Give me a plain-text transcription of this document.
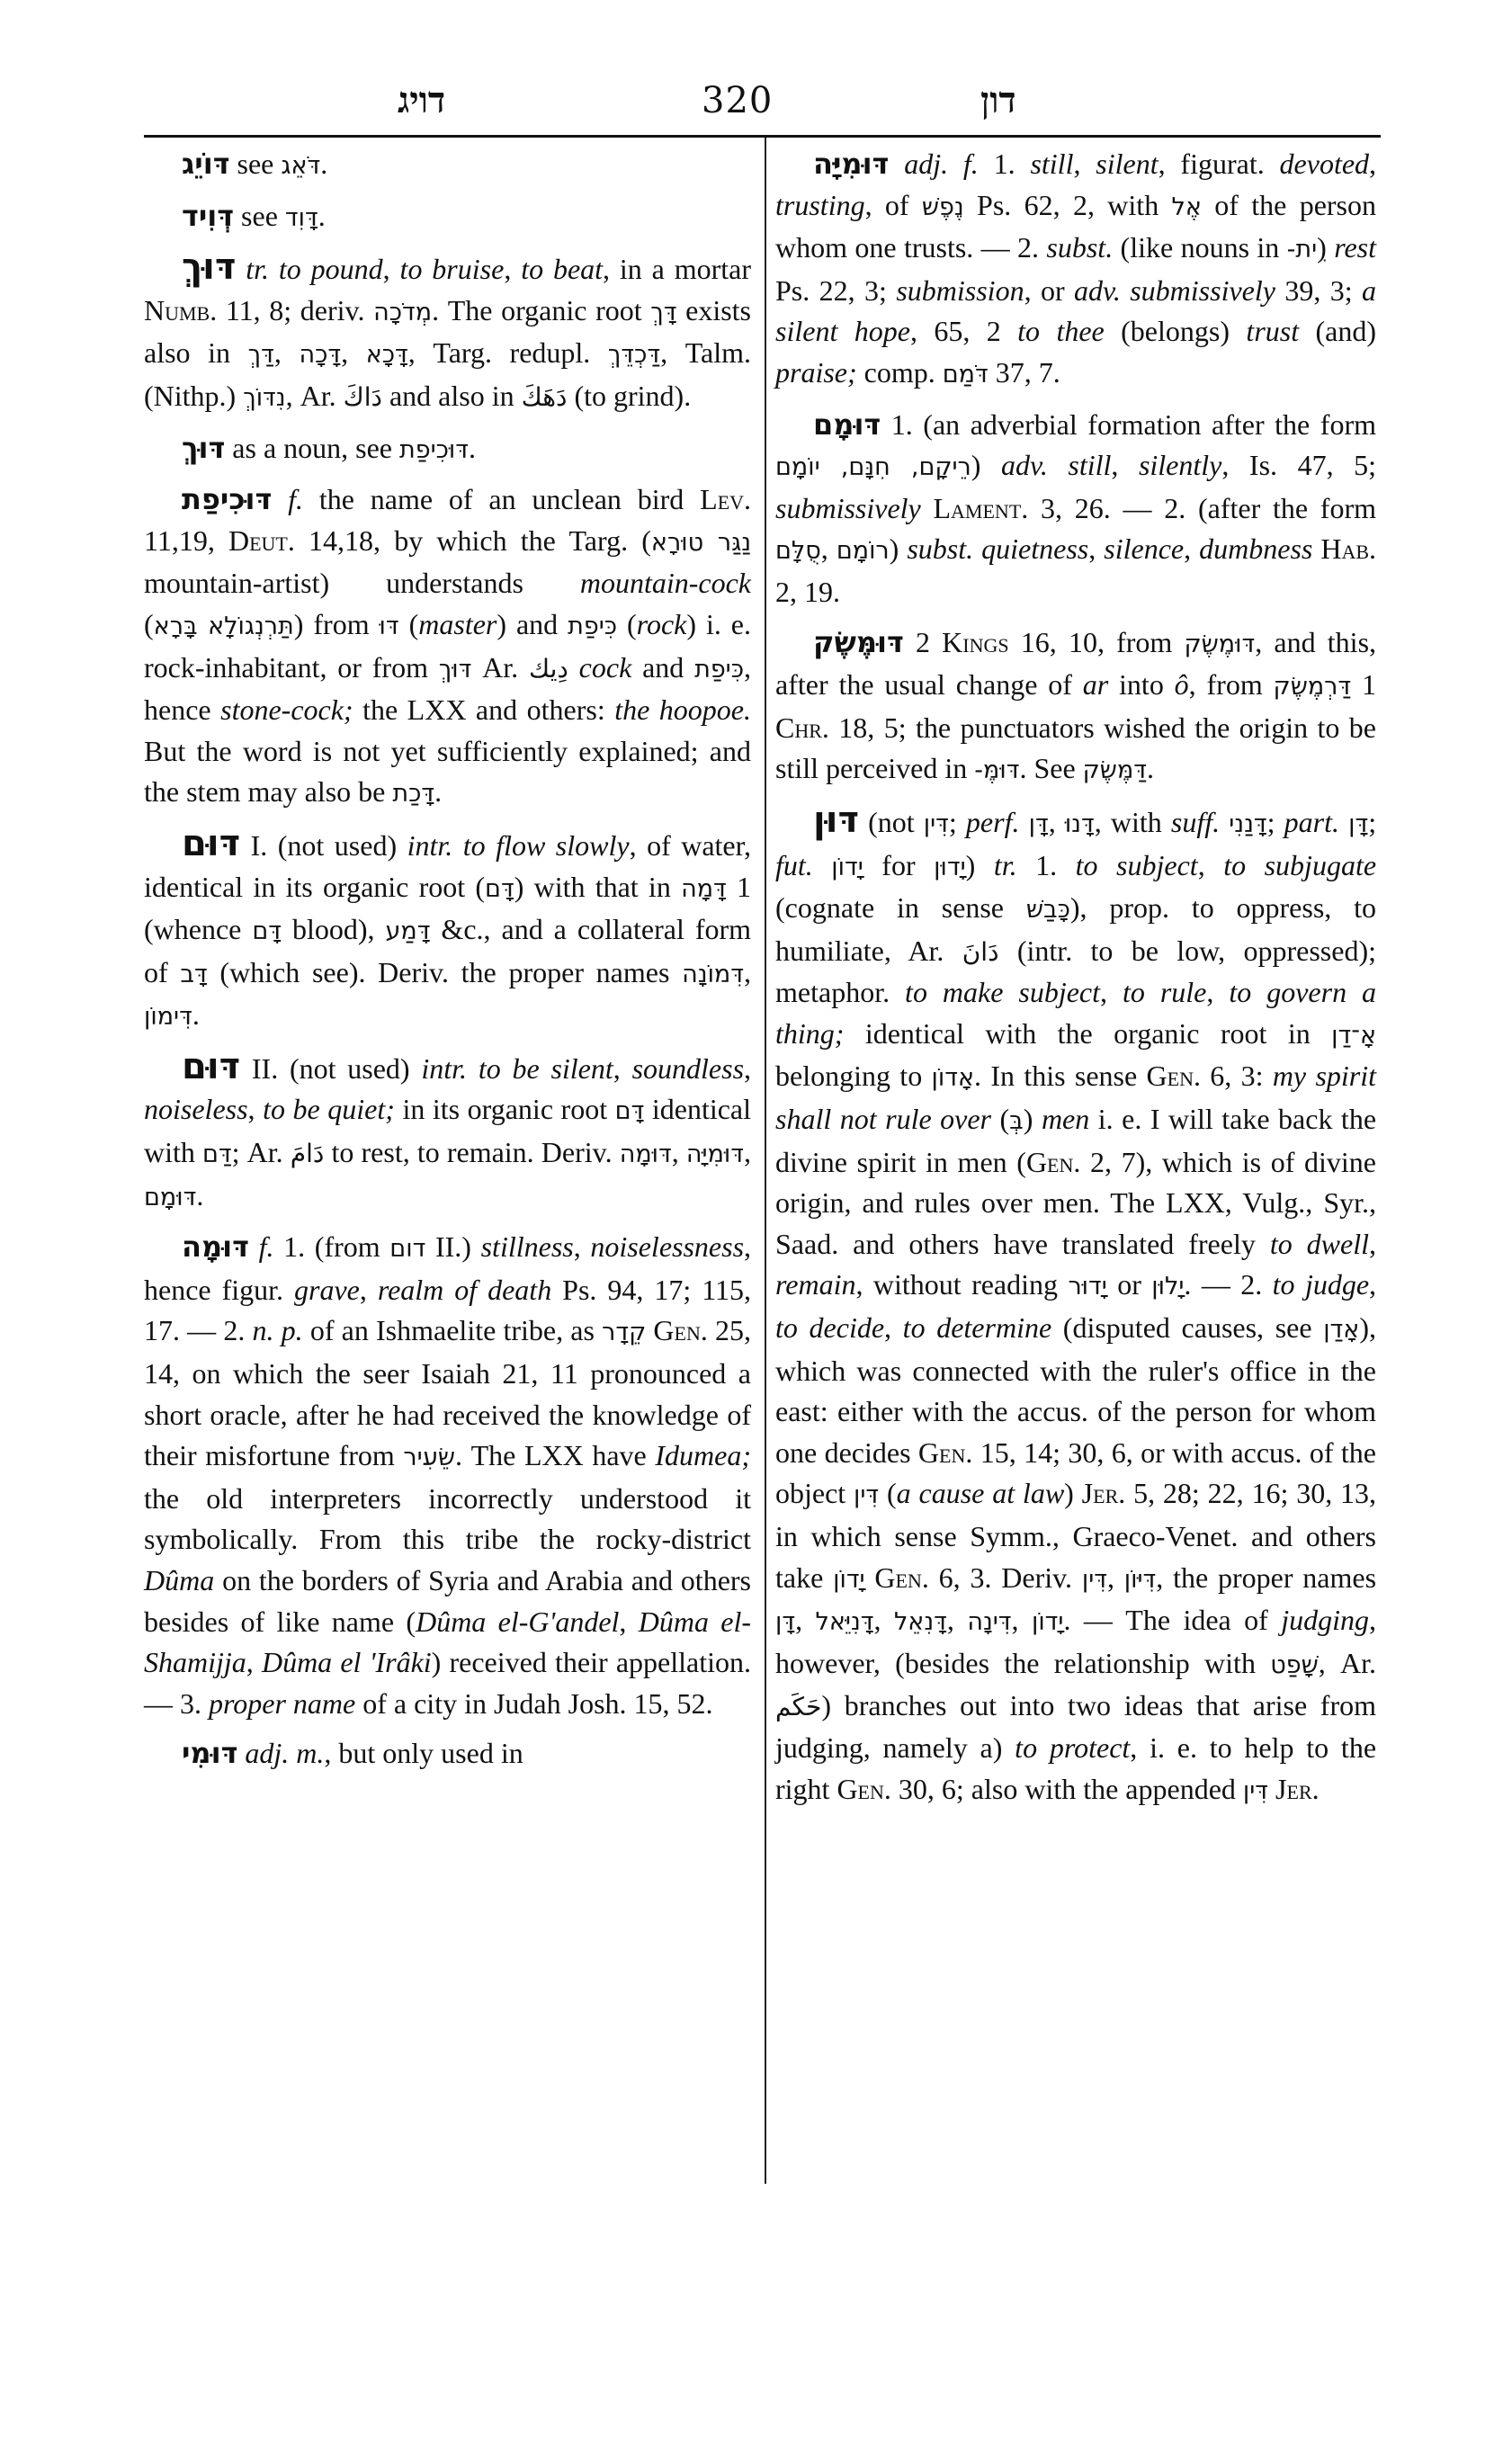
דויג	320	דון

דּוֹיֵג see דֹּאֵג.

דְּוִיד see דָּוִד.

דּוּךְ tr. to pound, to bruise, to beat, in a mortar Numb. 11, 8; deriv. מְדֹכָה. The organic root דָּךְ exists also in דַּךְ, דָּכָה, דָּכָא, Targ. redupl. דַּכְדֵּךְ, Talm. (Nithp.) נִדּוֹךְ, Ar. دَاكَ and also in دَهَكَ (to grind).

דּוּךְ as a noun, see דּוּכִיפַת.

דּוּכִיפַת f. the name of an unclean bird Lev. 11,19, Deut. 14,18, by which the Targ. (נַגַּר טוּרָא mountain-artist) understands mountain-cock (תַּרְנְגוֹלָא בָּרָא) from דּוּ (master) and כִּיפַת (rock) i. e. rock-inhabitant, or from דּוּךְ Ar. دِيك cock and כִּיפַת, hence stone-cock; the LXX and others: the hoopoe. But the word is not yet sufficiently explained; and the stem may also be דָּכַת.

דּוּם I. (not used) intr. to flow slowly, of water, identical in its organic root (דָּם) with that in דָּמָה 1 (whence דָּם blood), דָּמַע &c., and a collateral form of דָּב (which see). Deriv. the proper names דִּמוֹנָה, דִּימוֹן.

דּוּם II. (not used) intr. to be silent, soundless, noiseless, to be quiet; in its organic root דָּם identical with דַּם; Ar. دَامَ to rest, to remain. Deriv. דּוּמָה, דּוּמִיָּה, דּוּמָם.

דּוּמָה f. 1. (from דום II.) stillness, noiselessness, hence figur. grave, realm of death Ps. 94, 17; 115, 17. — 2. n. p. of an Ishmaelite tribe, as קֵדָר Gen. 25, 14, on which the seer Isaiah 21, 11 pronounced a short oracle, after he had received the knowledge of their misfortune from שֵׂעִיר. The LXX have Idumea; the old interpreters incorrectly understood it symbolically. From this tribe the rocky-district Dûma on the borders of Syria and Arabia and others besides of like name (Dûma el-G'andel, Dûma el-Shamijja, Dûma el 'Irâki) received their appellation. — 3. proper name of a city in Judah Josh. 15, 52.

דּוּמִי adj. m., but only used in

דּוּמִיָּה adj. f. 1. still, silent, figurat. devoted, trusting, of נֶפֶשׁ Ps. 62, 2, with אֶל of the person whom one trusts. — 2. subst. (like nouns in ִית-) rest Ps. 22, 3; submission, or adv. submissively 39, 3; a silent hope, 65, 2 to thee (belongs) trust (and) praise; comp. דֹּמַם 37, 7.

דּוּמָם 1. (an adverbial formation after the form רֵיקָם, חִנָּם, יוֹמָם) adv. still, silently, Is. 47, 5; submissively Lament. 3, 26. — 2. (after the form סֻלָּם, רוֹמָם) subst. quietness, silence, dumbness Hab. 2, 19.

דּוּמֶּשֶׂק 2 Kings 16, 10, from דּוּמֶשֶׂק, and this, after the usual change of ar into ô, from דַּרְמֶשֶׂק 1 Chr. 18, 5; the punctuators wished the origin to be still perceived in דּוּמֶּ-. See דַּמֶּשֶׂק.

דּוּן (not דִּין; perf. דָּן, דָּנוּ, with suff. דָּנַנִי; part. דָּן; fut. יָדוֹן for יָדוּן) tr. 1. to subject, to subjugate (cognate in sense כָּבַשׁ), prop. to oppress, to humiliate, Ar. دَانَ (intr. to be low, oppressed); metaphor. to make subject, to rule, to govern a thing; identical with the organic root in אָ־דַן belonging to אָדוֹן. In this sense Gen. 6, 3: my spirit shall not rule over (בְּ) men i. e. I will take back the divine spirit in men (Gen. 2, 7), which is of divine origin, and rules over men. The LXX, Vulg., Syr., Saad. and others have translated freely to dwell, remain, without reading יָדוּר or יָלוּן. — 2. to judge, to decide, to determine (disputed causes, see אָדַן), which was connected with the ruler's office in the east: either with the accus. of the person for whom one decides Gen. 15, 14; 30, 6, or with accus. of the object דִּין (a cause at law) Jer. 5, 28; 22, 16; 30, 13, in which sense Symm., Graeco-Venet. and others take יָדוֹן Gen. 6, 3. Deriv. דִּין, דִּיּוֹן, the proper names דָּן, דָּנִיֵּאל, דָּנִאֵל, דִּינָה, יָדוֹן. — The idea of judging, however, (besides the relationship with שָׁפַט, Ar. حَكَم) branches out into two ideas that arise from judging, namely a) to protect, i. e. to help to the right Gen. 30, 6; also with the appended דִּין Jer.
